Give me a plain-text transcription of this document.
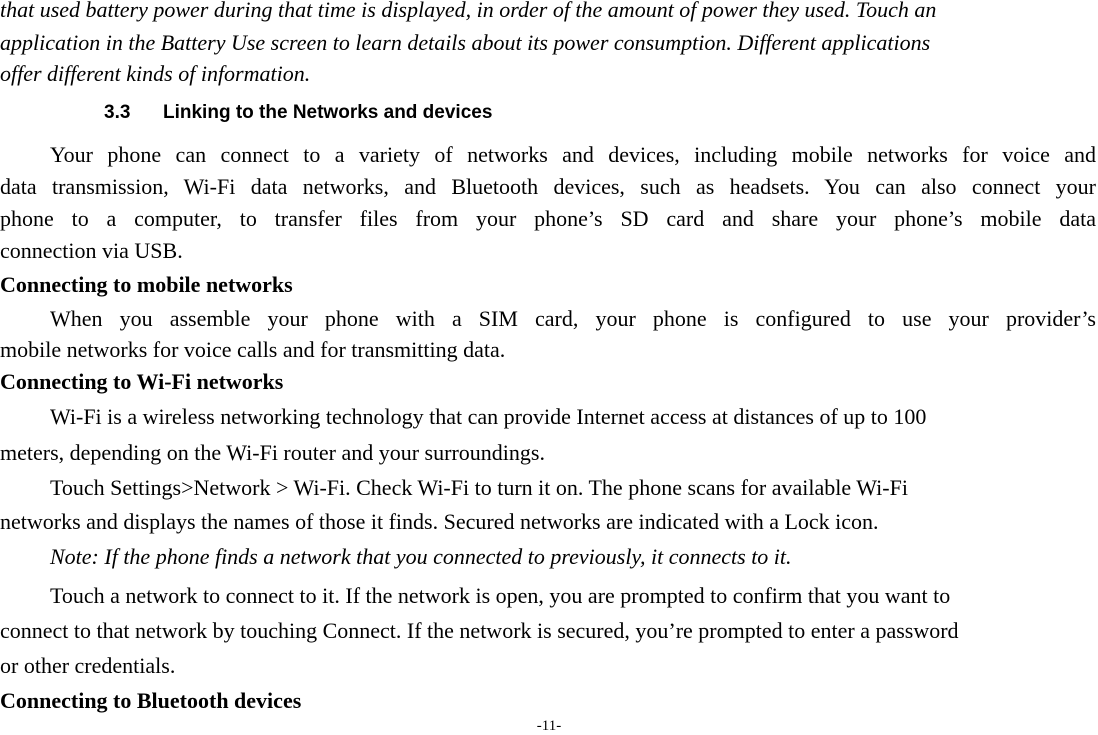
that used battery power during that time is displayed, in order of the amount of power they used. Touch an
application in the Battery Use screen to learn details about its power consumption. Different applications
offer different kinds of information.
3.3 Linking to the Networks and devices
Your phone can connect to a variety of networks and devices, including mobile networks for voice and
data transmission, Wi-Fi data networks, and Bluetooth devices, such as headsets. You can also connect your
phone to a computer, to transfer files from your phone’s SD card and share your phone’s mobile data
connection via USB.
Connecting to mobile networks
When you assemble your phone with a SIM card, your phone is configured to use your provider’s
mobile networks for voice calls and for transmitting data.
Connecting to Wi-Fi networks
Wi-Fi is a wireless networking technology that can provide Internet access at distances of up to 100
meters, depending on the Wi-Fi router and your surroundings.
Touch Settings>Network > Wi-Fi. Check Wi-Fi to turn it on. The phone scans for available Wi-Fi
networks and displays the names of those it finds. Secured networks are indicated with a Lock icon.
Note: If the phone finds a network that you connected to previously, it connects to it.
Touch a network to connect to it. If the network is open, you are prompted to confirm that you want to
connect to that network by touching Connect. If the network is secured, you’re prompted to enter a password
or other credentials.
Connecting to Bluetooth devices
-11-
